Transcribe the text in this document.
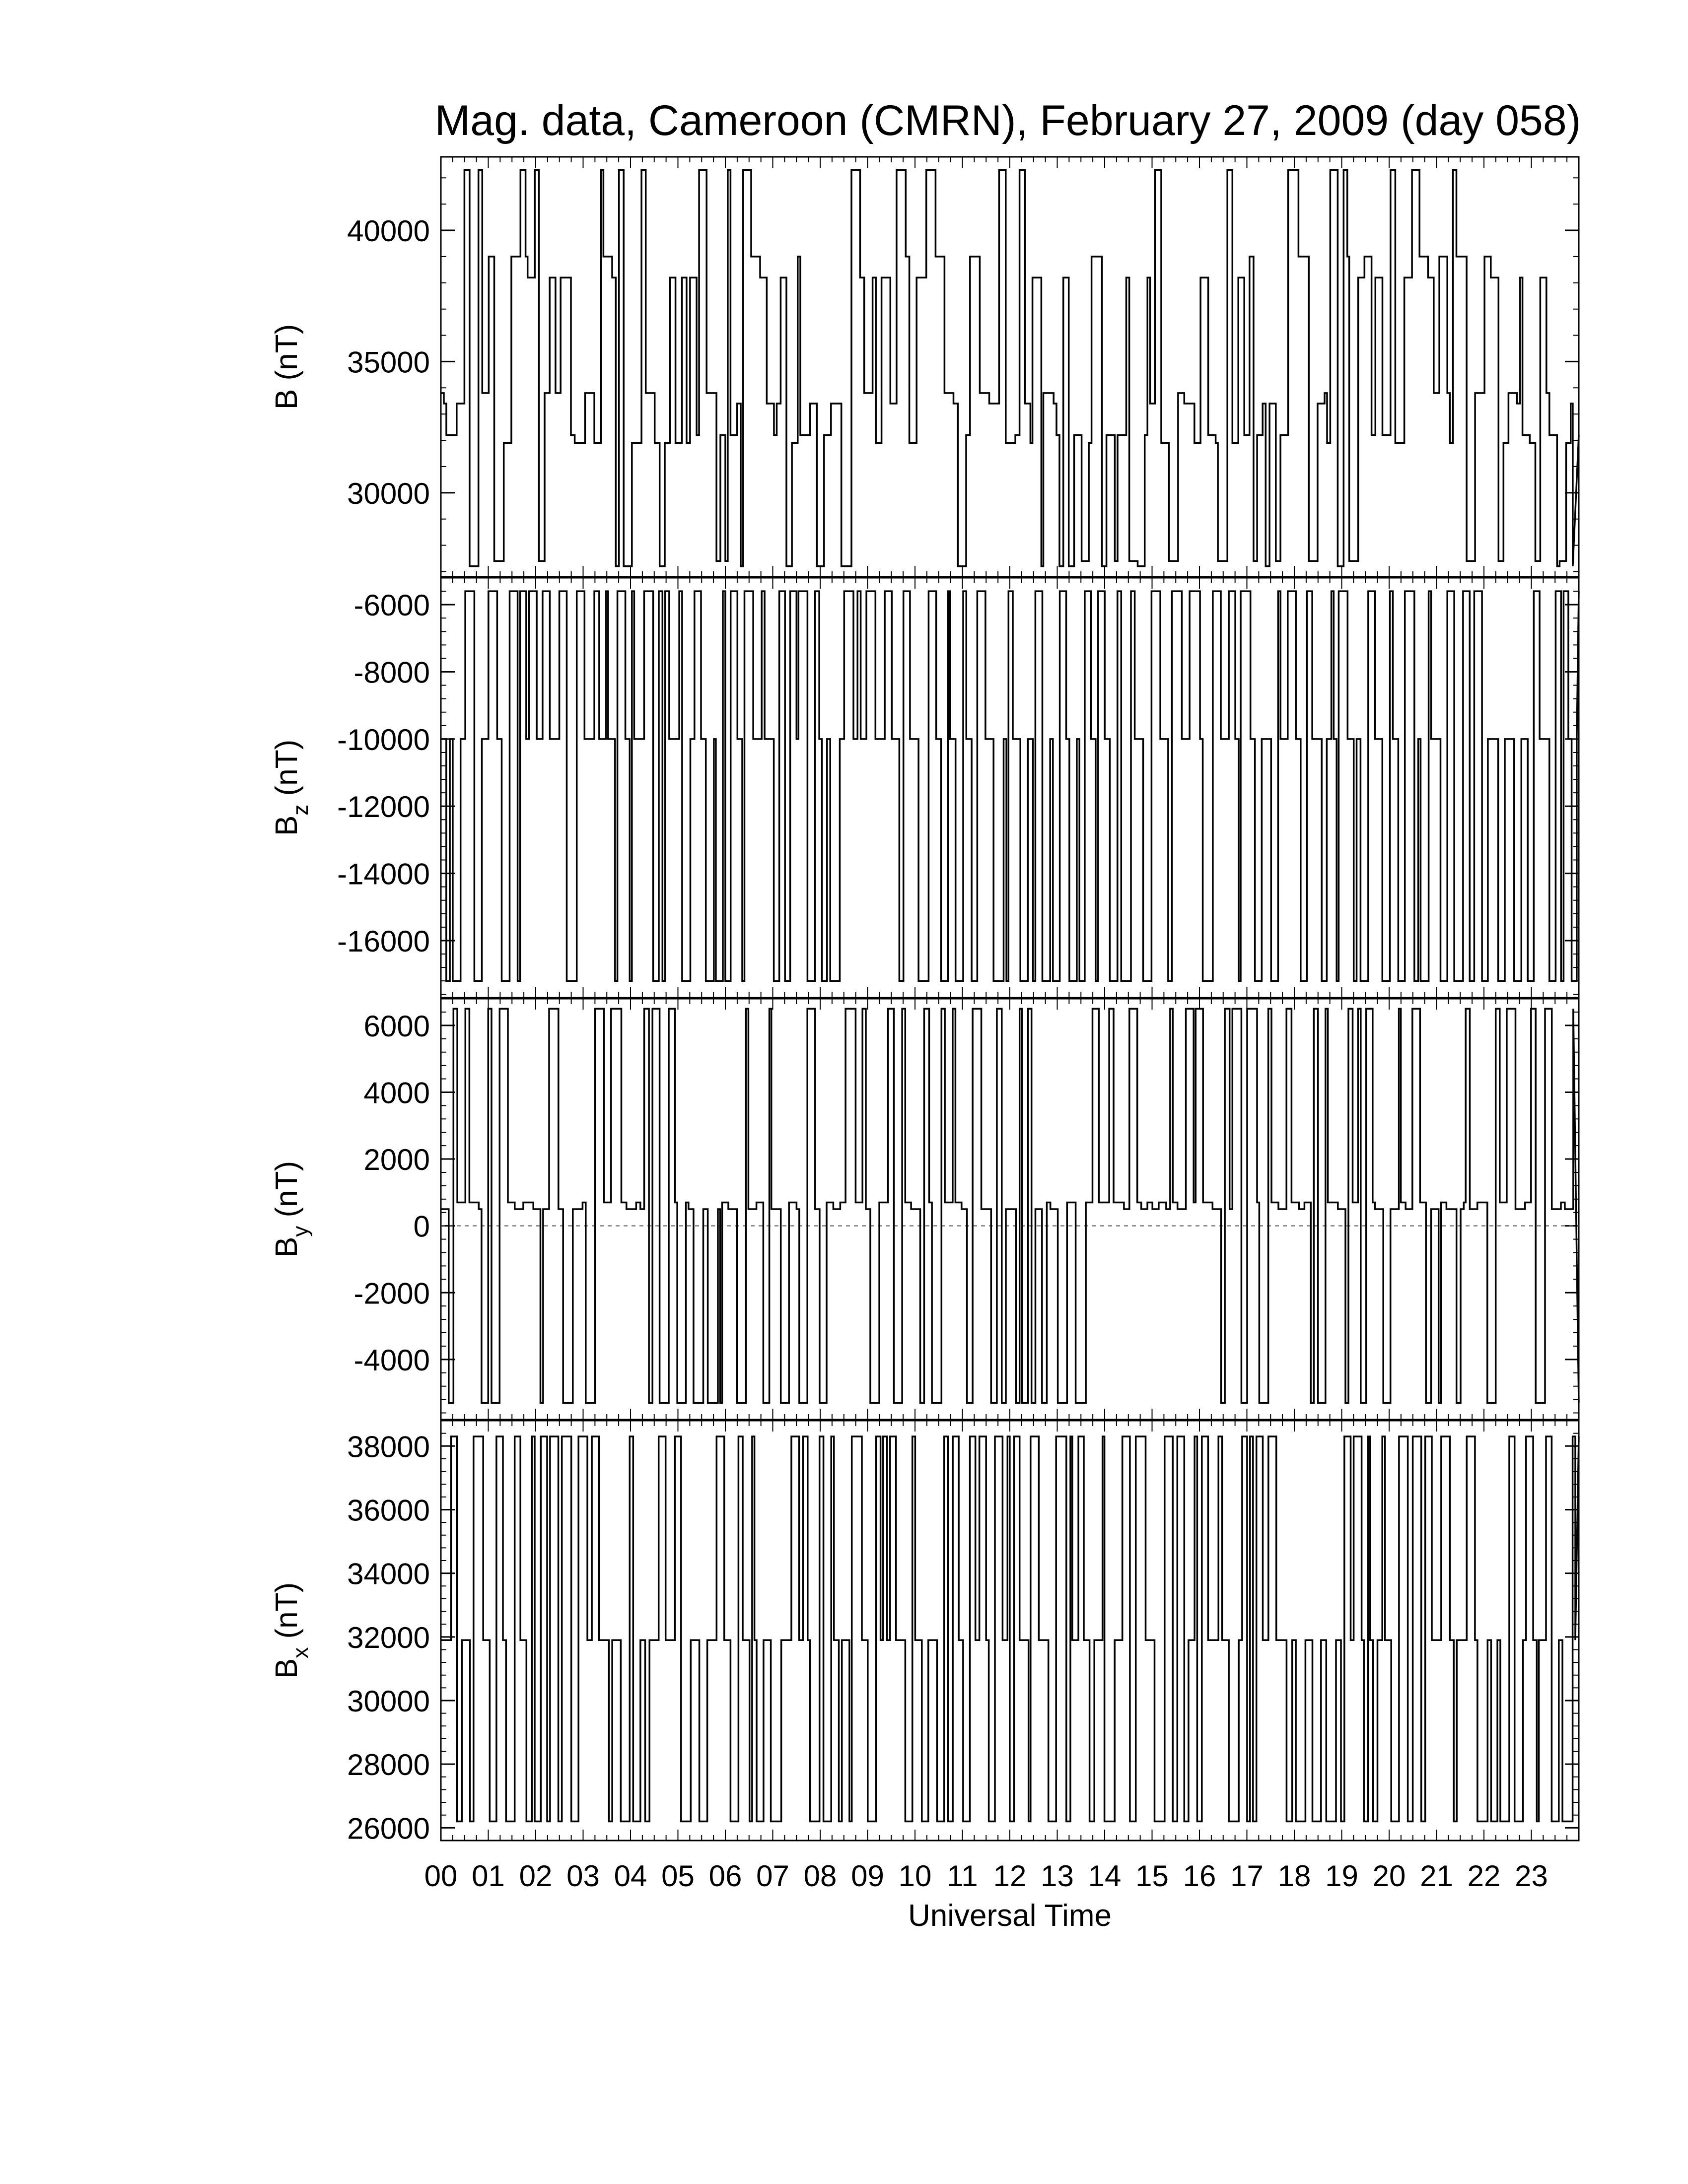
Mag. data, Cameroon (CMRN), February 27, 2009 (day 058)
Universal Time
30000
35000
40000
B (nT)
-16000
-14000
-12000
-10000
-8000
-6000
$B_z$ (nT)
-4000
-2000
0
2000
4000
6000
$B_y$ (nT)
26000
28000
30000
32000
34000
36000
38000
$B_x$ (nT)
00 01 02 03 04 05 06 07 08 09 10 11 12 13 14 15 16 17 18 19 20 21 22 23
